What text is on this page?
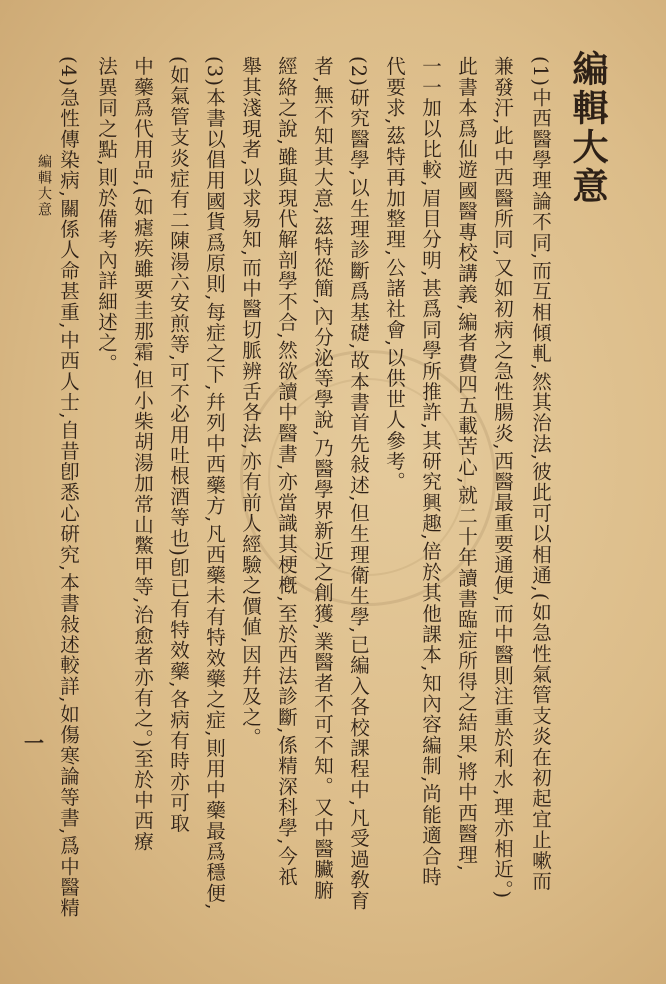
編輯大意
(1)中西醫學理論不同,而互相傾軋,然其治法,彼此可以相通,(如急性氣管支炎在初起宜止嗽而
兼發汗,此中西醫所同,又如初病之急性腸炎,西醫最重要通便,而中醫則注重於利水,理亦相近。)
此書本爲仙遊國醫專校講義,編者費四五載苦心,就二十年讀書臨症所得之結果,將中西醫理,
一一加以比較,眉目分明,甚爲同學所推許,其研究興趣,倍於其他課本,知內容編制,尚能適合時
代要求,茲特再加整理,公諸社會,以供世人參考。
(2)研究醫學,以生理診斷爲基礎,故本書首先敍述,但生理衛生學,已編入各校課程中,凡受過敎育
者,無不知其大意,茲特從簡,內分泌等學說,乃醫學界新近之創獲,業醫者不可不知。又中醫臟腑
經絡之說,雖與現代解剖學不合,然欲讀中醫書,亦當識其梗槪,至於西法診斷,係精深科學,今祇
舉其淺現者,以求易知,而中醫切脈辨舌各法,亦有前人經驗之價値,因幷及之。
(3)本書以倡用國貨爲原則,每症之下,幷列中西藥方,凡西藥未有特效藥之症,則用中藥最爲穩便,
(如氣管支炎症有二陳湯六安煎等,可不必用吐根酒等也)卽已有特效藥,各病有時亦可取
中藥爲代用品,(如瘧疾雖要圭那霜,但小柴胡湯加常山鱉甲等,治愈者亦有之。)至於中西療
法異同之點,則於備考內詳細述之。
(4)急性傳染病,關係人命甚重,中西人士,自昔卽悉心硏究,本書敍述較詳,如傷寒論等書,爲中醫精
編輯大意
一
